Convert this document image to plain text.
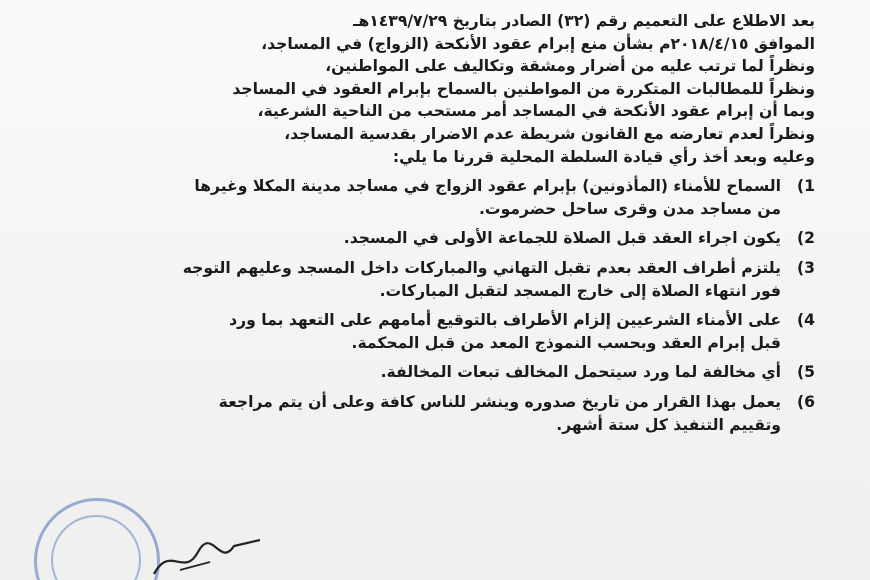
بعد الاطلاع على التعميم رقم (٣٢) الصادر بتاريخ ١٤٣٩/٧/٢٩هـ
الموافق ٢٠١٨/٤/١٥م بشأن منع إبرام عقود الأنكحة (الزواج) في المساجد،
ونظراً لما ترتب عليه من أضرار ومشقة وتكاليف على المواطنين،
ونظراً للمطالبات المتكررة من المواطنين بالسماح بإبرام العقود في المساجد
وبما أن إبرام عقود الأنكحة في المساجد أمر مستحب من الناحية الشرعية،
ونظراً لعدم تعارضه مع القانون شريطة عدم الاضرار بقدسية المساجد،
وعليه وبعد أخذ رأي قيادة السلطة المحلية قررنا ما يلي:
1)
السماح للأمناء (المأذونين) بإبرام عقود الزواج في مساجد مدينة المكلا وغيرها
من مساجد مدن وقرى ساحل حضرموت.
2)
يكون اجراء العقد قبل الصلاة للجماعة الأولى في المسجد.
3)
يلتزم أطراف العقد بعدم تقبل التهاني والمباركات داخل المسجد وعليهم التوجه
فور انتهاء الصلاة إلى خارج المسجد لتقبل المباركات.
4)
على الأمناء الشرعيين إلزام الأطراف بالتوقيع أمامهم على التعهد بما ورد
قبل إبرام العقد وبحسب النموذج المعد من قبل المحكمة.
5)
أي مخالفة لما ورد سيتحمل المخالف تبعات المخالفة.
6)
يعمل بهذا القرار من تاريخ صدوره وينشر للناس كافة وعلى أن يتم مراجعة
وتقييم التنفيذ كل ستة أشهر.
